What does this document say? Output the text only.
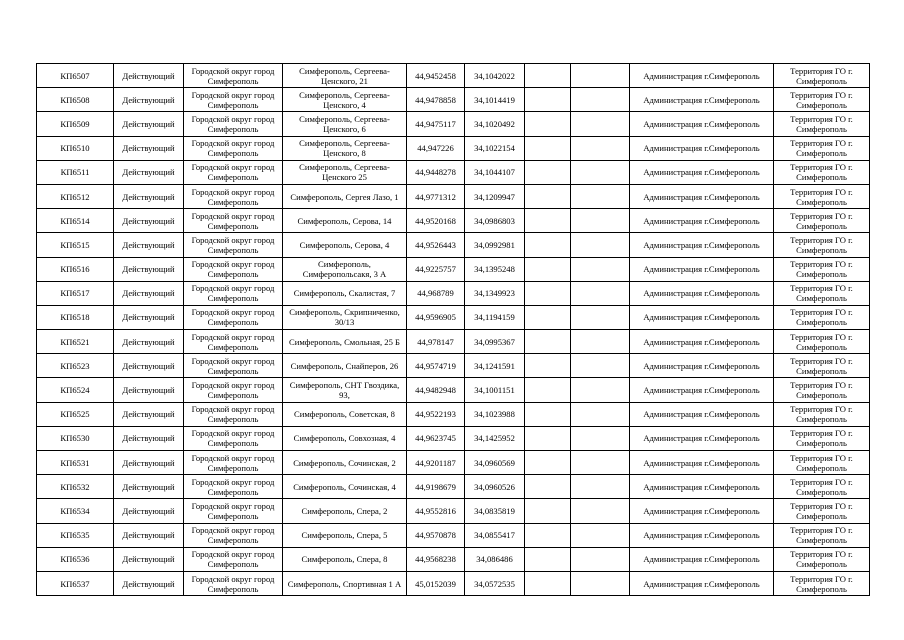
КП6507	Действующий	Городской округ город Симферополь	Симферополь, Сергеева-Ценского, 21	44,9452458	34,1042022			Администрация г.Симферополь	Территория ГО г. Симферополь
КП6508	Действующий	Городской округ город Симферополь	Симферополь, Сергеева-Ценского, 4	44,9478858	34,1014419			Администрация г.Симферополь	Территория ГО г. Симферополь
КП6509	Действующий	Городской округ город Симферополь	Симферополь, Сергеева-Ценского, 6	44,9475117	34,1020492			Администрация г.Симферополь	Территория ГО г. Симферополь
КП6510	Действующий	Городской округ город Симферополь	Симферополь, Сергеева-Ценского, 8	44,947226	34,1022154			Администрация г.Симферополь	Территория ГО г. Симферополь
КП6511	Действующий	Городской округ город Симферополь	Симферополь, Сергеева-Ценского 25	44,9448278	34,1044107			Администрация г.Симферополь	Территория ГО г. Симферополь
КП6512	Действующий	Городской округ город Симферополь	Симферополь, Сергея Лазо, 1	44,9771312	34,1209947			Администрация г.Симферополь	Территория ГО г. Симферополь
КП6514	Действующий	Городской округ город Симферополь	Симферополь, Серова, 14	44,9520168	34,0986803			Администрация г.Симферополь	Территория ГО г. Симферополь
КП6515	Действующий	Городской округ город Симферополь	Симферополь, Серова, 4	44,9526443	34,0992981			Администрация г.Симферополь	Территория ГО г. Симферополь
КП6516	Действующий	Городской округ город Симферополь	Симферополь, Симферопольсакя, 3 А	44,9225757	34,1395248			Администрация г.Симферополь	Территория ГО г. Симферополь
КП6517	Действующий	Городской округ город Симферополь	Симферополь, Скалистая, 7	44,968789	34,1349923			Администрация г.Симферополь	Территория ГО г. Симферополь
КП6518	Действующий	Городской округ город Симферополь	Симферополь, Скрипниченко, 30/13	44,9596905	34,1194159			Администрация г.Симферополь	Территория ГО г. Симферополь
КП6521	Действующий	Городской округ город Симферополь	Симферополь, Смольная, 25 Б	44,978147	34,0995367			Администрация г.Симферополь	Территория ГО г. Симферополь
КП6523	Действующий	Городской округ город Симферополь	Симферополь, Снайперов, 26	44,9574719	34,1241591			Администрация г.Симферополь	Территория ГО г. Симферополь
КП6524	Действующий	Городской округ город Симферополь	Симферополь, СНТ Гвоздика, 93,	44,9482948	34,1001151			Администрация г.Симферополь	Территория ГО г. Симферополь
КП6525	Действующий	Городской округ город Симферополь	Симферополь, Советская, 8	44,9522193	34,1023988			Администрация г.Симферополь	Территория ГО г. Симферополь
КП6530	Действующий	Городской округ город Симферополь	Симферополь, Совхозная, 4	44,9623745	34,1425952			Администрация г.Симферополь	Территория ГО г. Симферополь
КП6531	Действующий	Городской округ город Симферополь	Симферополь, Сочинская, 2	44,9201187	34,0960569			Администрация г.Симферополь	Территория ГО г. Симферополь
КП6532	Действующий	Городской округ город Симферополь	Симферополь, Сочинская, 4	44,9198679	34,0960526			Администрация г.Симферополь	Территория ГО г. Симферополь
КП6534	Действующий	Городской округ город Симферополь	Симферополь, Спера, 2	44,9552816	34,0835819			Администрация г.Симферополь	Территория ГО г. Симферополь
КП6535	Действующий	Городской округ город Симферополь	Симферополь, Спера, 5	44,9570878	34,0855417			Администрация г.Симферополь	Территория ГО г. Симферополь
КП6536	Действующий	Городской округ город Симферополь	Симферополь, Спера, 8	44,9568238	34,086486			Администрация г.Симферополь	Территория ГО г. Симферополь
КП6537	Действующий	Городской округ город Симферополь	Симферополь, Спортивная 1 А	45,0152039	34,0572535			Администрация г.Симферополь	Территория ГО г. Симферополь
